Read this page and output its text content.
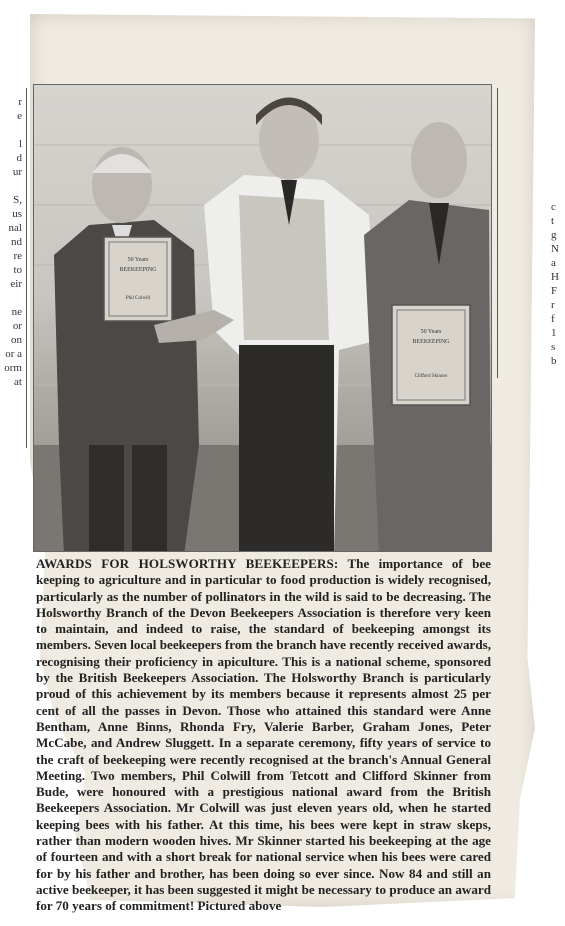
r
e
l
d
ur
S,
us
nal
nd
re
to
eir
ne
or
on
or a
orm
at
c
t
g
N
a
H
F
r
f
1
s
b
50 Years
BEEKEEPING
Phil Colwill
50 Years
BEEKEEPING
Clifford Skinner
AWARDS FOR HOLSWORTHY BEEKEEPERS: The importance of bee keeping to agriculture and in particular to food production is widely recognised, particularly as the number of pollinators in the wild is said to be decreasing. The Holsworthy Branch of the Devon Beekeepers Association is therefore very keen to maintain, and indeed to raise, the standard of beekeeping amongst its members. Seven local beekeepers from the branch have recently received awards, recognising their proficiency in apiculture. This is a national scheme, sponsored by the British Beekeepers Association. The Holsworthy Branch is particularly proud of this achievement by its members because it represents almost 25 per cent of all the passes in Devon. Those who attained this standard were Anne Bentham, Anne Binns, Rhonda Fry, Valerie Barber, Graham Jones, Peter McCabe, and Andrew Sluggett. In a separate ceremony, fifty years of service to the craft of beekeeping were recently recognised at the branch's Annual General Meeting. Two members, Phil Colwill from Tetcott and Clifford Skinner from Bude, were honoured with a prestigious national award from the British Beekeepers Association. Mr Colwill was just eleven years old, when he started keeping bees with his father. At this time, his bees were kept in straw skeps, rather than modern wooden hives. Mr Skinner started his beekeeping at the age of fourteen and with a short break for national service when his bees were cared for by his father and brother, has been doing so ever since. Now 84 and still an active beekeeper, it has been suggested it might be necessary to produce an award for 70 years of commitment! Pictured above
